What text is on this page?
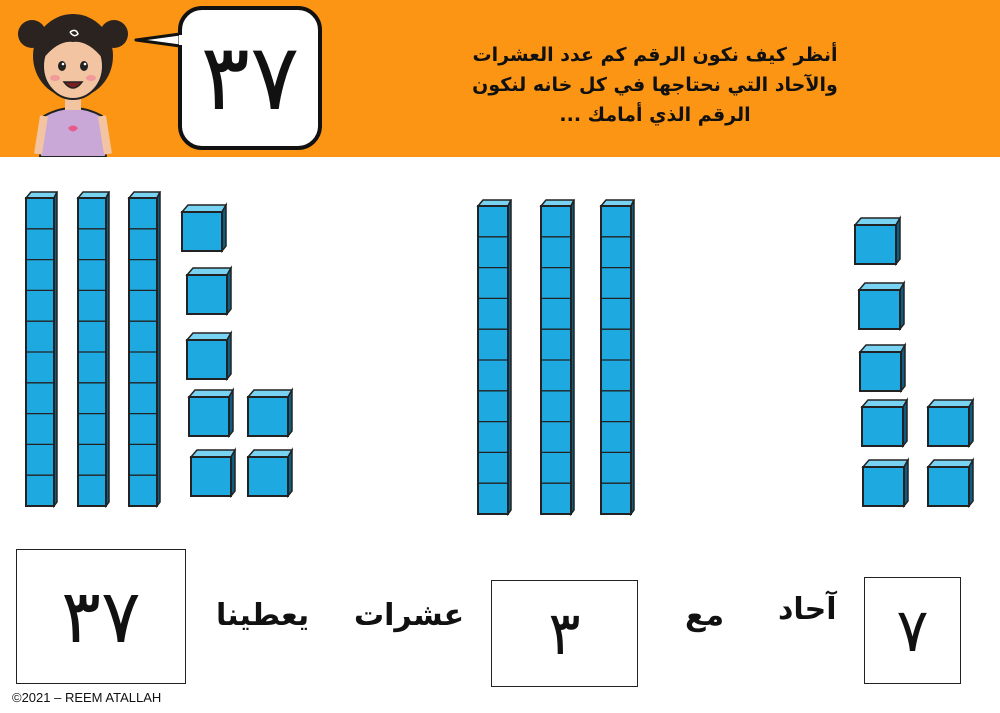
٣٧	أنظر كيف نكون الرقم كم عدد العشرات
والآحاد التي نحتاجها في كل خانه لنكون
الرقم الذي أمامك ...
٣٧	يعطينا عشرات ٣	مع آحاد ٧
©2021 – REEM ATALLAH
